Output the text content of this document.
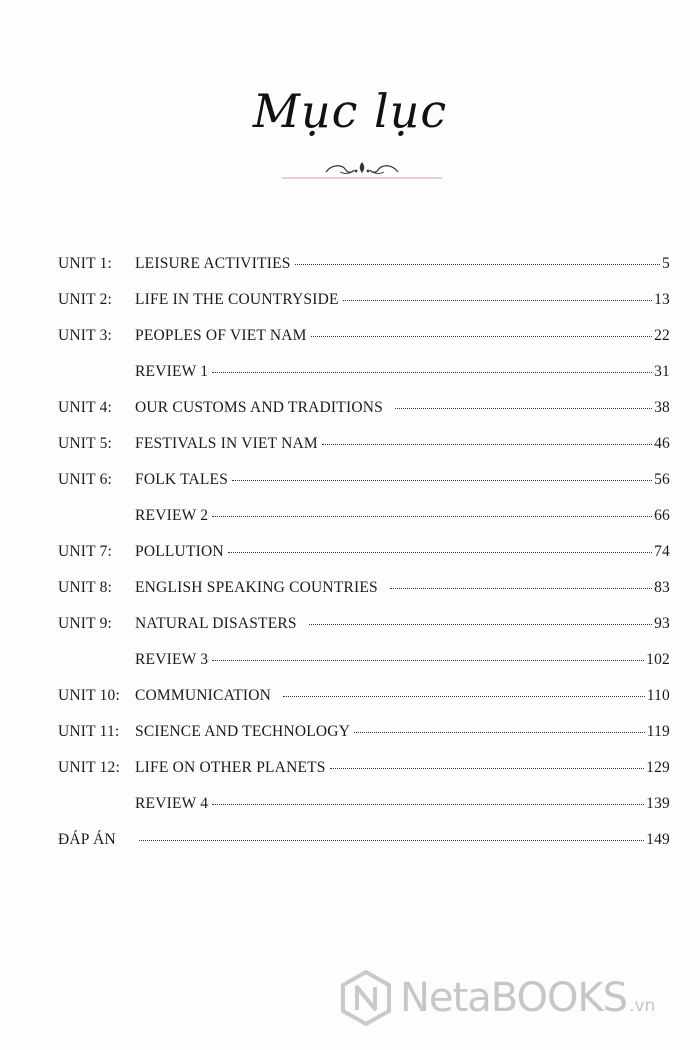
Mục lục
UNIT 1:	LEISURE ACTIVITIES	5
UNIT 2:	LIFE IN THE COUNTRYSIDE	13
UNIT 3:	PEOPLES OF VIET NAM	22
REVIEW 1	31
UNIT 4:	OUR CUSTOMS AND TRADITIONS	38
UNIT 5:	FESTIVALS IN VIET NAM	46
UNIT 6:	FOLK TALES	56
REVIEW 2	66
UNIT 7:	POLLUTION	74
UNIT 8:	ENGLISH SPEAKING COUNTRIES	83
UNIT 9:	NATURAL DISASTERS	93
REVIEW 3	102
UNIT 10: COMMUNICATION	110
UNIT 11:	SCIENCE AND TECHNOLOGY	119
UNIT 12: LIFE ON OTHER PLANETS	129
REVIEW 4	139
ĐÁP ÁN	149
NetaBOOKS .vn
